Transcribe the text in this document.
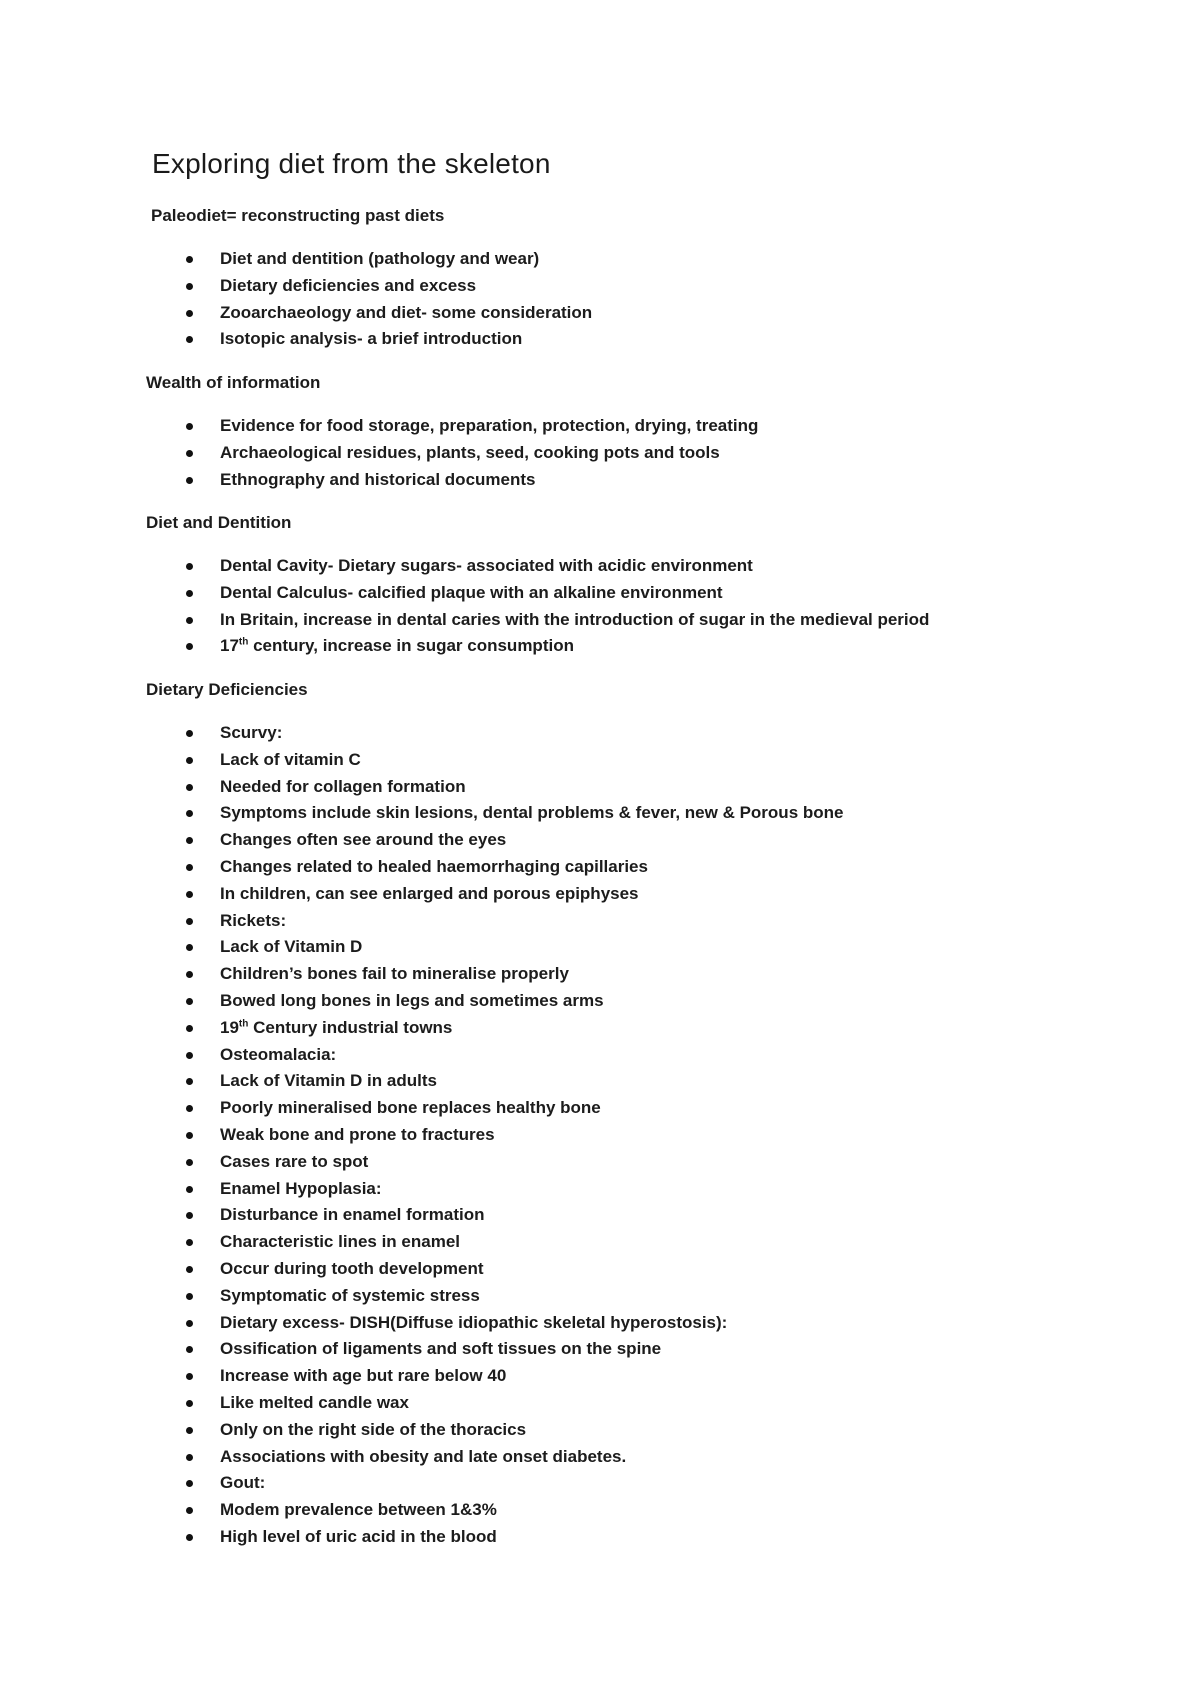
Exploring diet from the skeleton
Paleodiet= reconstructing past diets
Diet and dentition (pathology and wear)
Dietary deficiencies and excess
Zooarchaeology and diet- some consideration
Isotopic analysis- a brief introduction
Wealth of information
Evidence for food storage, preparation, protection, drying, treating
Archaeological residues, plants, seed, cooking pots and tools
Ethnography and historical documents
Diet and Dentition
Dental Cavity- Dietary sugars- associated with acidic environment
Dental Calculus- calcified plaque with an alkaline environment
In Britain, increase in dental caries with the introduction of sugar in the medieval period
17th century, increase in sugar consumption
Dietary Deficiencies
Scurvy:
Lack of vitamin C
Needed for collagen formation
Symptoms include skin lesions, dental problems & fever, new & Porous bone
Changes often see around the eyes
Changes related to healed haemorrhaging capillaries
In children, can see enlarged and porous epiphyses
Rickets:
Lack of Vitamin D
Children’s bones fail to mineralise properly
Bowed long bones in legs and sometimes arms
19th Century industrial towns
Osteomalacia:
Lack of Vitamin D in adults
Poorly mineralised bone replaces healthy bone
Weak bone and prone to fractures
Cases rare to spot
Enamel Hypoplasia:
Disturbance in enamel formation
Characteristic lines in enamel
Occur during tooth development
Symptomatic of systemic stress
Dietary excess- DISH(Diffuse idiopathic skeletal hyperostosis):
Ossification of ligaments and soft tissues on the spine
Increase with age but rare below 40
Like melted candle wax
Only on the right side of the thoracics
Associations with obesity and late onset diabetes.
Gout:
Modem prevalence between 1&3%
High level of uric acid in the blood
